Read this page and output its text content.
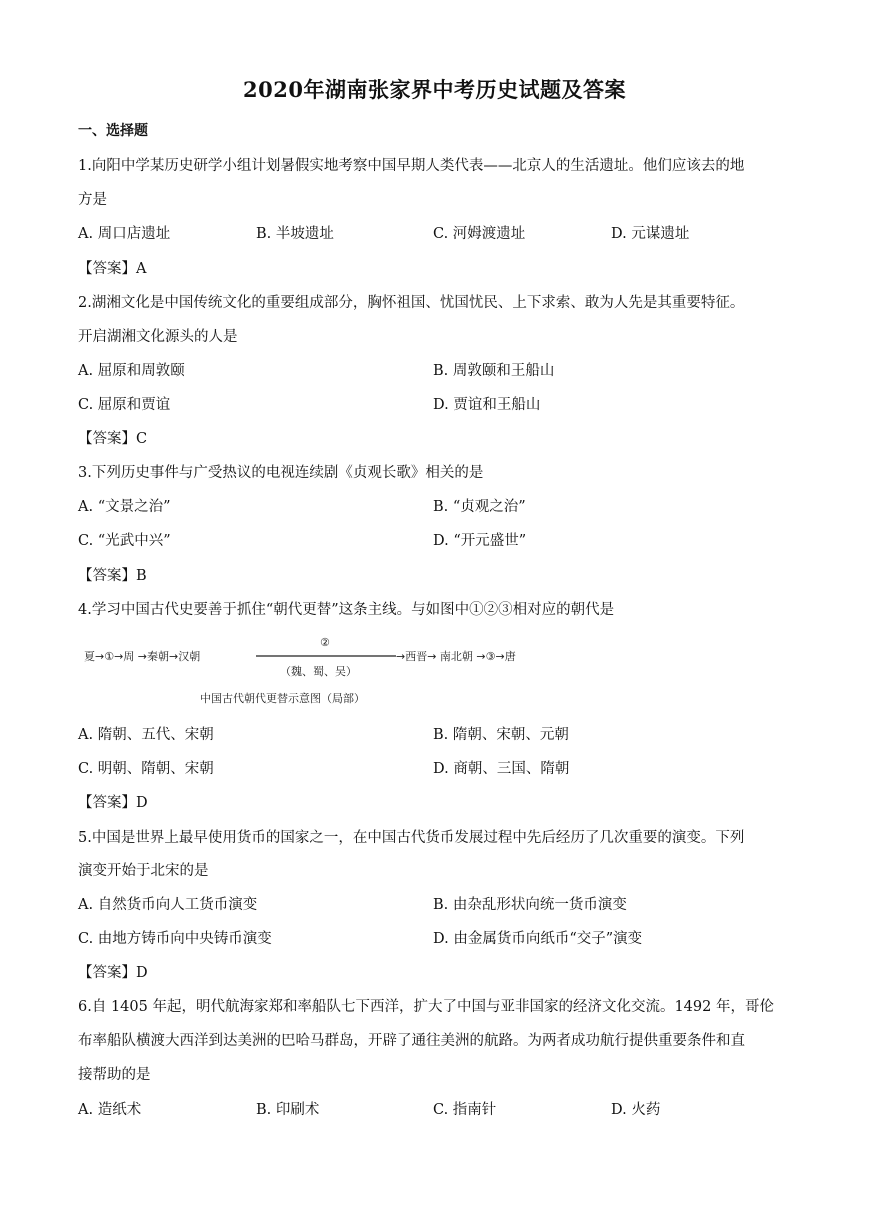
2020年湖南张家界中考历史试题及答案
一、选择题
1.向阳中学某历史研学小组计划暑假实地考察中国早期人类代表——北京人的生活遗址。他们应该去的地
方是
A. 周口店遗址	B. 半坡遗址	C. 河姆渡遗址	D. 元谋遗址
【答案】A
2.湖湘文化是中国传统文化的重要组成部分，胸怀祖国、忧国忧民、上下求索、敢为人先是其重要特征。
开启湖湘文化源头的人是
A. 屈原和周敦颐	B. 周敦颐和王船山
C. 屈原和贾谊	D. 贾谊和王船山
【答案】C
3.下列历史事件与广受热议的电视连续剧《贞观长歌》相关的是
A. “文景之治”	B. “贞观之治”
C. “光武中兴”	D. “开元盛世”
【答案】B
4.学习中国古代史要善于抓住“朝代更替”这条主线。与如图中①②③相对应的朝代是
夏→①→周 →秦朝→汉朝
②
（魏、蜀、吴）
→西晋→ 南北朝 →③→唐
中国古代朝代更替示意图（局部）
A. 隋朝、五代、宋朝	B. 隋朝、宋朝、元朝
C. 明朝、隋朝、宋朝	D. 商朝、三国、隋朝
【答案】D
5.中国是世界上最早使用货币的国家之一，在中国古代货币发展过程中先后经历了几次重要的演变。下列
演变开始于北宋的是
A. 自然货币向人工货币演变	B. 由杂乱形状向统一货币演变
C. 由地方铸币向中央铸币演变	D. 由金属货币向纸币“交子”演变
【答案】D
6.自 1405 年起，明代航海家郑和率船队七下西洋，扩大了中国与亚非国家的经济文化交流。1492 年，哥伦
布率船队横渡大西洋到达美洲的巴哈马群岛，开辟了通往美洲的航路。为两者成功航行提供重要条件和直
接帮助的是
A. 造纸术	B. 印刷术	C. 指南针	D. 火药
